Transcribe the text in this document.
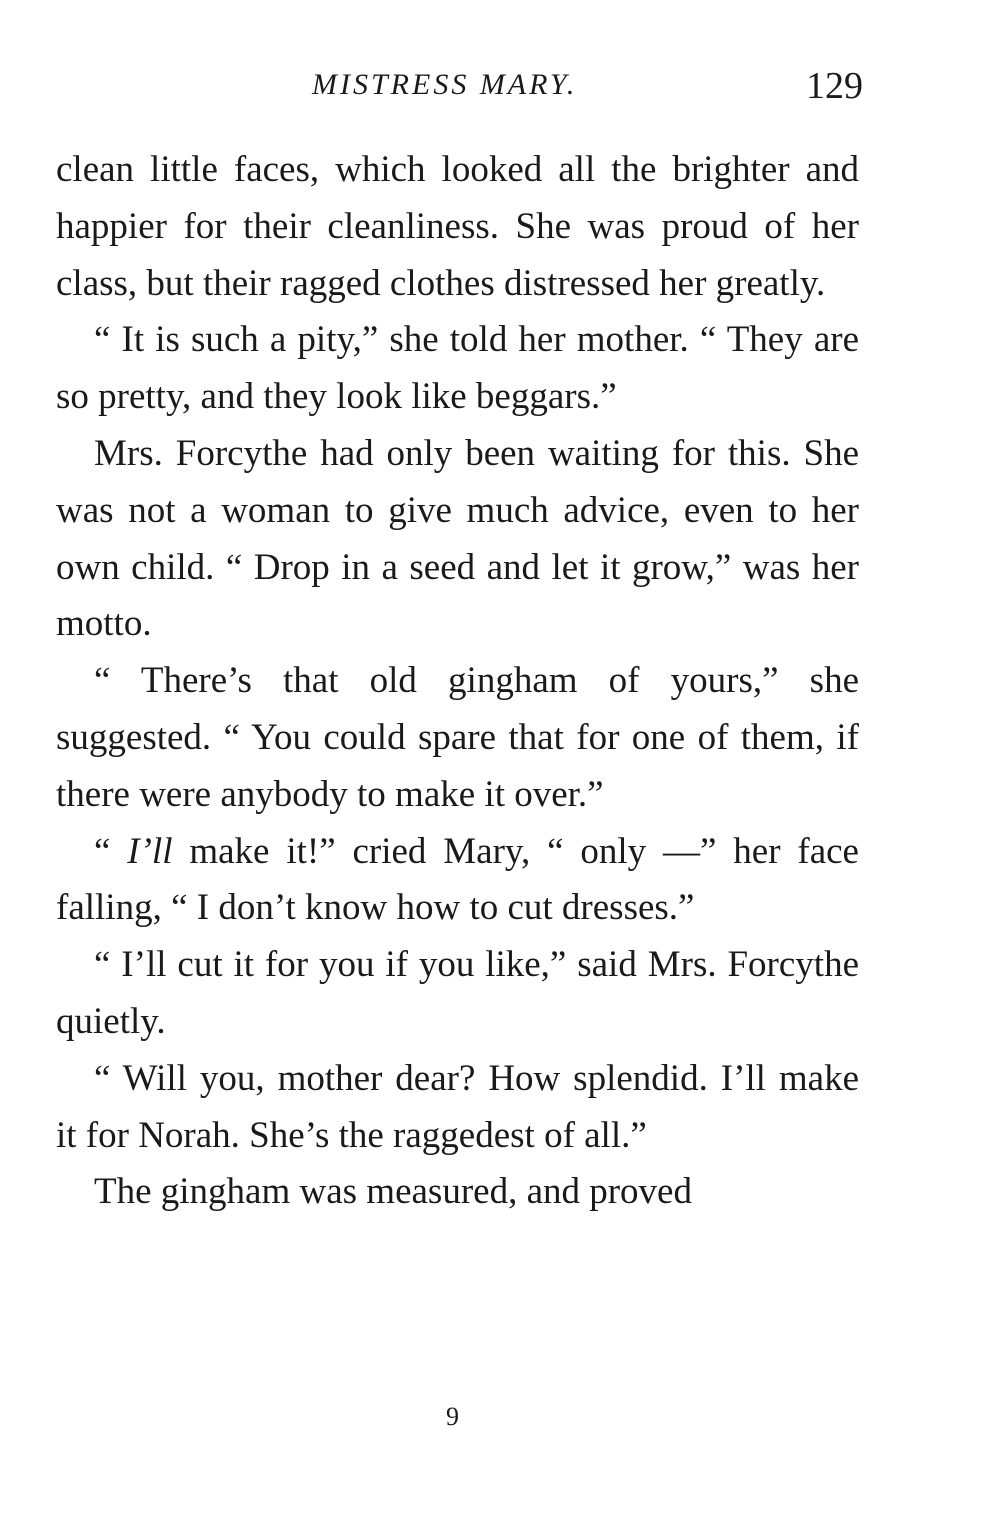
MISTRESS MARY.	129

clean little faces, which looked all the brighter and happier for their cleanliness. She was proud of her class, but their ragged clothes distressed her greatly.

“ It is such a pity,” she told her mother. “ They are so pretty, and they look like beggars.”

Mrs. Forcythe had only been waiting for this. She was not a woman to give much advice, even to her own child. “ Drop in a seed and let it grow,” was her motto.

“ There’s that old gingham of yours,” she suggested. “ You could spare that for one of them, if there were anybody to make it over.”

“ I’ll make it!” cried Mary, “ only —” her face falling, “ I don’t know how to cut dresses.”

“ I’ll cut it for you if you like,” said Mrs. Forcythe quietly.

“ Will you, mother dear? How splendid. I’ll make it for Norah. She’s the raggedest of all.”

The gingham was measured, and proved

9
